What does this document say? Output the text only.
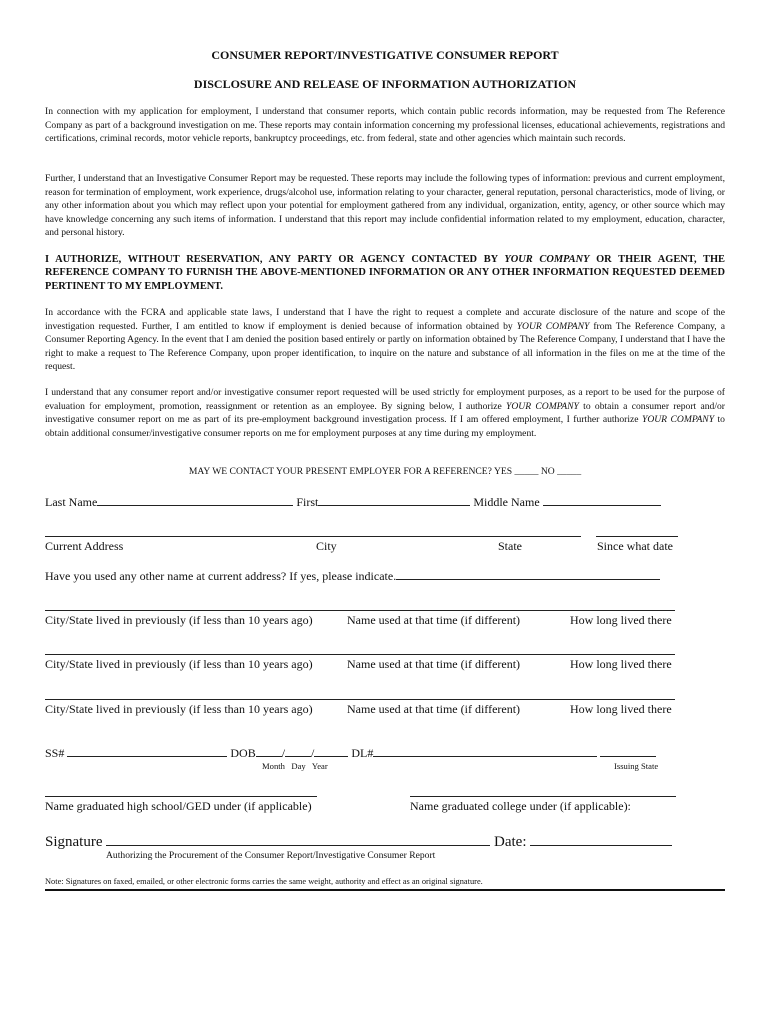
CONSUMER REPORT/INVESTIGATIVE CONSUMER REPORT
DISCLOSURE AND RELEASE OF INFORMATION AUTHORIZATION
In connection with my application for employment, I understand that consumer reports, which contain public records information, may be requested from The Reference Company as part of a background investigation on me. These reports may contain information concerning my professional licenses, educational achievements, registrations and certifications, criminal records, motor vehicle reports, bankruptcy proceedings, etc. from federal, state and other agencies which maintain such records.
Further, I understand that an Investigative Consumer Report may be requested. These reports may include the following types of information: previous and current employment, reason for termination of employment, work experience, drugs/alcohol use, information relating to your character, general reputation, personal characteristics, mode of living, or any other information about you which may reflect upon your potential for employment gathered from any individual, organization, entity, agency, or other source which may have knowledge concerning any such items of information. I understand that this report may include confidential information related to my employment, education, character, and personal history.
I AUTHORIZE, WITHOUT RESERVATION, ANY PARTY OR AGENCY CONTACTED BY YOUR COMPANY OR THEIR AGENT, THE REFERENCE COMPANY TO FURNISH THE ABOVE-MENTIONED INFORMATION OR ANY OTHER INFORMATION REQUESTED DEEMED PERTINENT TO MY EMPLOYMENT.
In accordance with the FCRA and applicable state laws, I understand that I have the right to request a complete and accurate disclosure of the nature and scope of the investigation requested. Further, I am entitled to know if employment is denied because of information obtained by YOUR COMPANY from The Reference Company, a Consumer Reporting Agency. In the event that I am denied the position based entirely or partly on information obtained by The Reference Company, I understand that I have the right to make a request to The Reference Company, upon proper identification, to inquire on the nature and substance of all information in the files on me at the time of the request.
I understand that any consumer report and/or investigative consumer report requested will be used strictly for employment purposes, as a report to be used for the purpose of evaluation for employment, promotion, reassignment or retention as an employee. By signing below, I authorize YOUR COMPANY to obtain a consumer report and/or investigative consumer report on me as part of its pre-employment background investigation process. If I am offered employment, I further authorize YOUR COMPANY to obtain additional consumer/investigative consumer reports on me for employment purposes at any time during my employment.
MAY WE CONTACT YOUR PRESENT EMPLOYER FOR A REFERENCE? YES _____ NO _____
Last Name	First	Middle Name
Current Address	City	State	Since what date
Have you used any other name at current address? If yes, please indicate.
City/State lived in previously (if less than 10 years ago)	Name used at that time (if different)	How long lived there
City/State lived in previously (if less than 10 years ago)	Name used at that time (if different)	How long lived there
City/State lived in previously (if less than 10 years ago)	Name used at that time (if different)	How long lived there
SS#	DOB / /	DL#
Month Day Year	Issuing State
Name graduated high school/GED under (if applicable)	Name graduated college under (if applicable):
Signature	Date:
Authorizing the Procurement of the Consumer Report/Investigative Consumer Report
Note: Signatures on faxed, emailed, or other electronic forms carries the same weight, authority and effect as an original signature.
